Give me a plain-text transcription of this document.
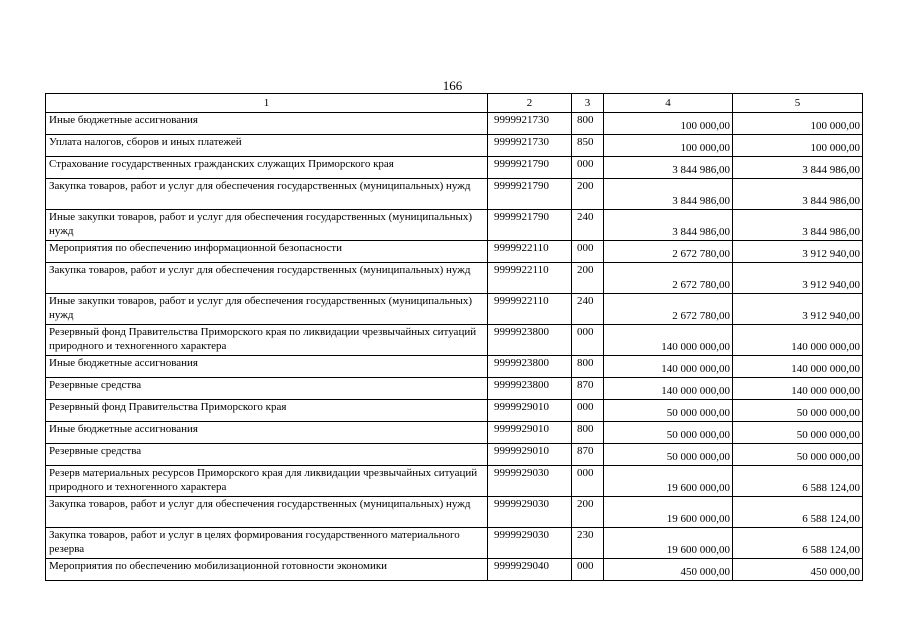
166
1	2	3	4	5
Иные бюджетные ассигнования	9999921730	800	100 000,00	100 000,00
Уплата налогов, сборов и иных платежей	9999921730	850	100 000,00	100 000,00
Страхование государственных гражданских служащих Приморского края	9999921790	000	3 844 986,00	3 844 986,00
Закупка товаров, работ и услуг для обеспечения государственных (муниципальных) нужд	9999921790	200	3 844 986,00	3 844 986,00
Иные закупки товаров, работ и услуг для обеспечения государственных (муниципальных) нужд	9999921790	240	3 844 986,00	3 844 986,00
Мероприятия по обеспечению информационной безопасности	9999922110	000	2 672 780,00	3 912 940,00
Закупка товаров, работ и услуг для обеспечения государственных (муниципальных) нужд	9999922110	200	2 672 780,00	3 912 940,00
Иные закупки товаров, работ и услуг для обеспечения государственных (муниципальных) нужд	9999922110	240	2 672 780,00	3 912 940,00
Резервный фонд Правительства Приморского края по ликвидации чрезвычайных ситуаций природного и техногенного характера	9999923800	000	140 000 000,00	140 000 000,00
Иные бюджетные ассигнования	9999923800	800	140 000 000,00	140 000 000,00
Резервные средства	9999923800	870	140 000 000,00	140 000 000,00
Резервный фонд Правительства Приморского края	9999929010	000	50 000 000,00	50 000 000,00
Иные бюджетные ассигнования	9999929010	800	50 000 000,00	50 000 000,00
Резервные средства	9999929010	870	50 000 000,00	50 000 000,00
Резерв материальных ресурсов Приморского края для ликвидации чрезвычайных ситуаций природного и техногенного характера	9999929030	000	19 600 000,00	6 588 124,00
Закупка товаров, работ и услуг для обеспечения государственных (муниципальных) нужд	9999929030	200	19 600 000,00	6 588 124,00
Закупка товаров, работ и услуг в целях формирования государственного материального резерва	9999929030	230	19 600 000,00	6 588 124,00
Мероприятия по обеспечению мобилизационной готовности экономики	9999929040	000	450 000,00	450 000,00
